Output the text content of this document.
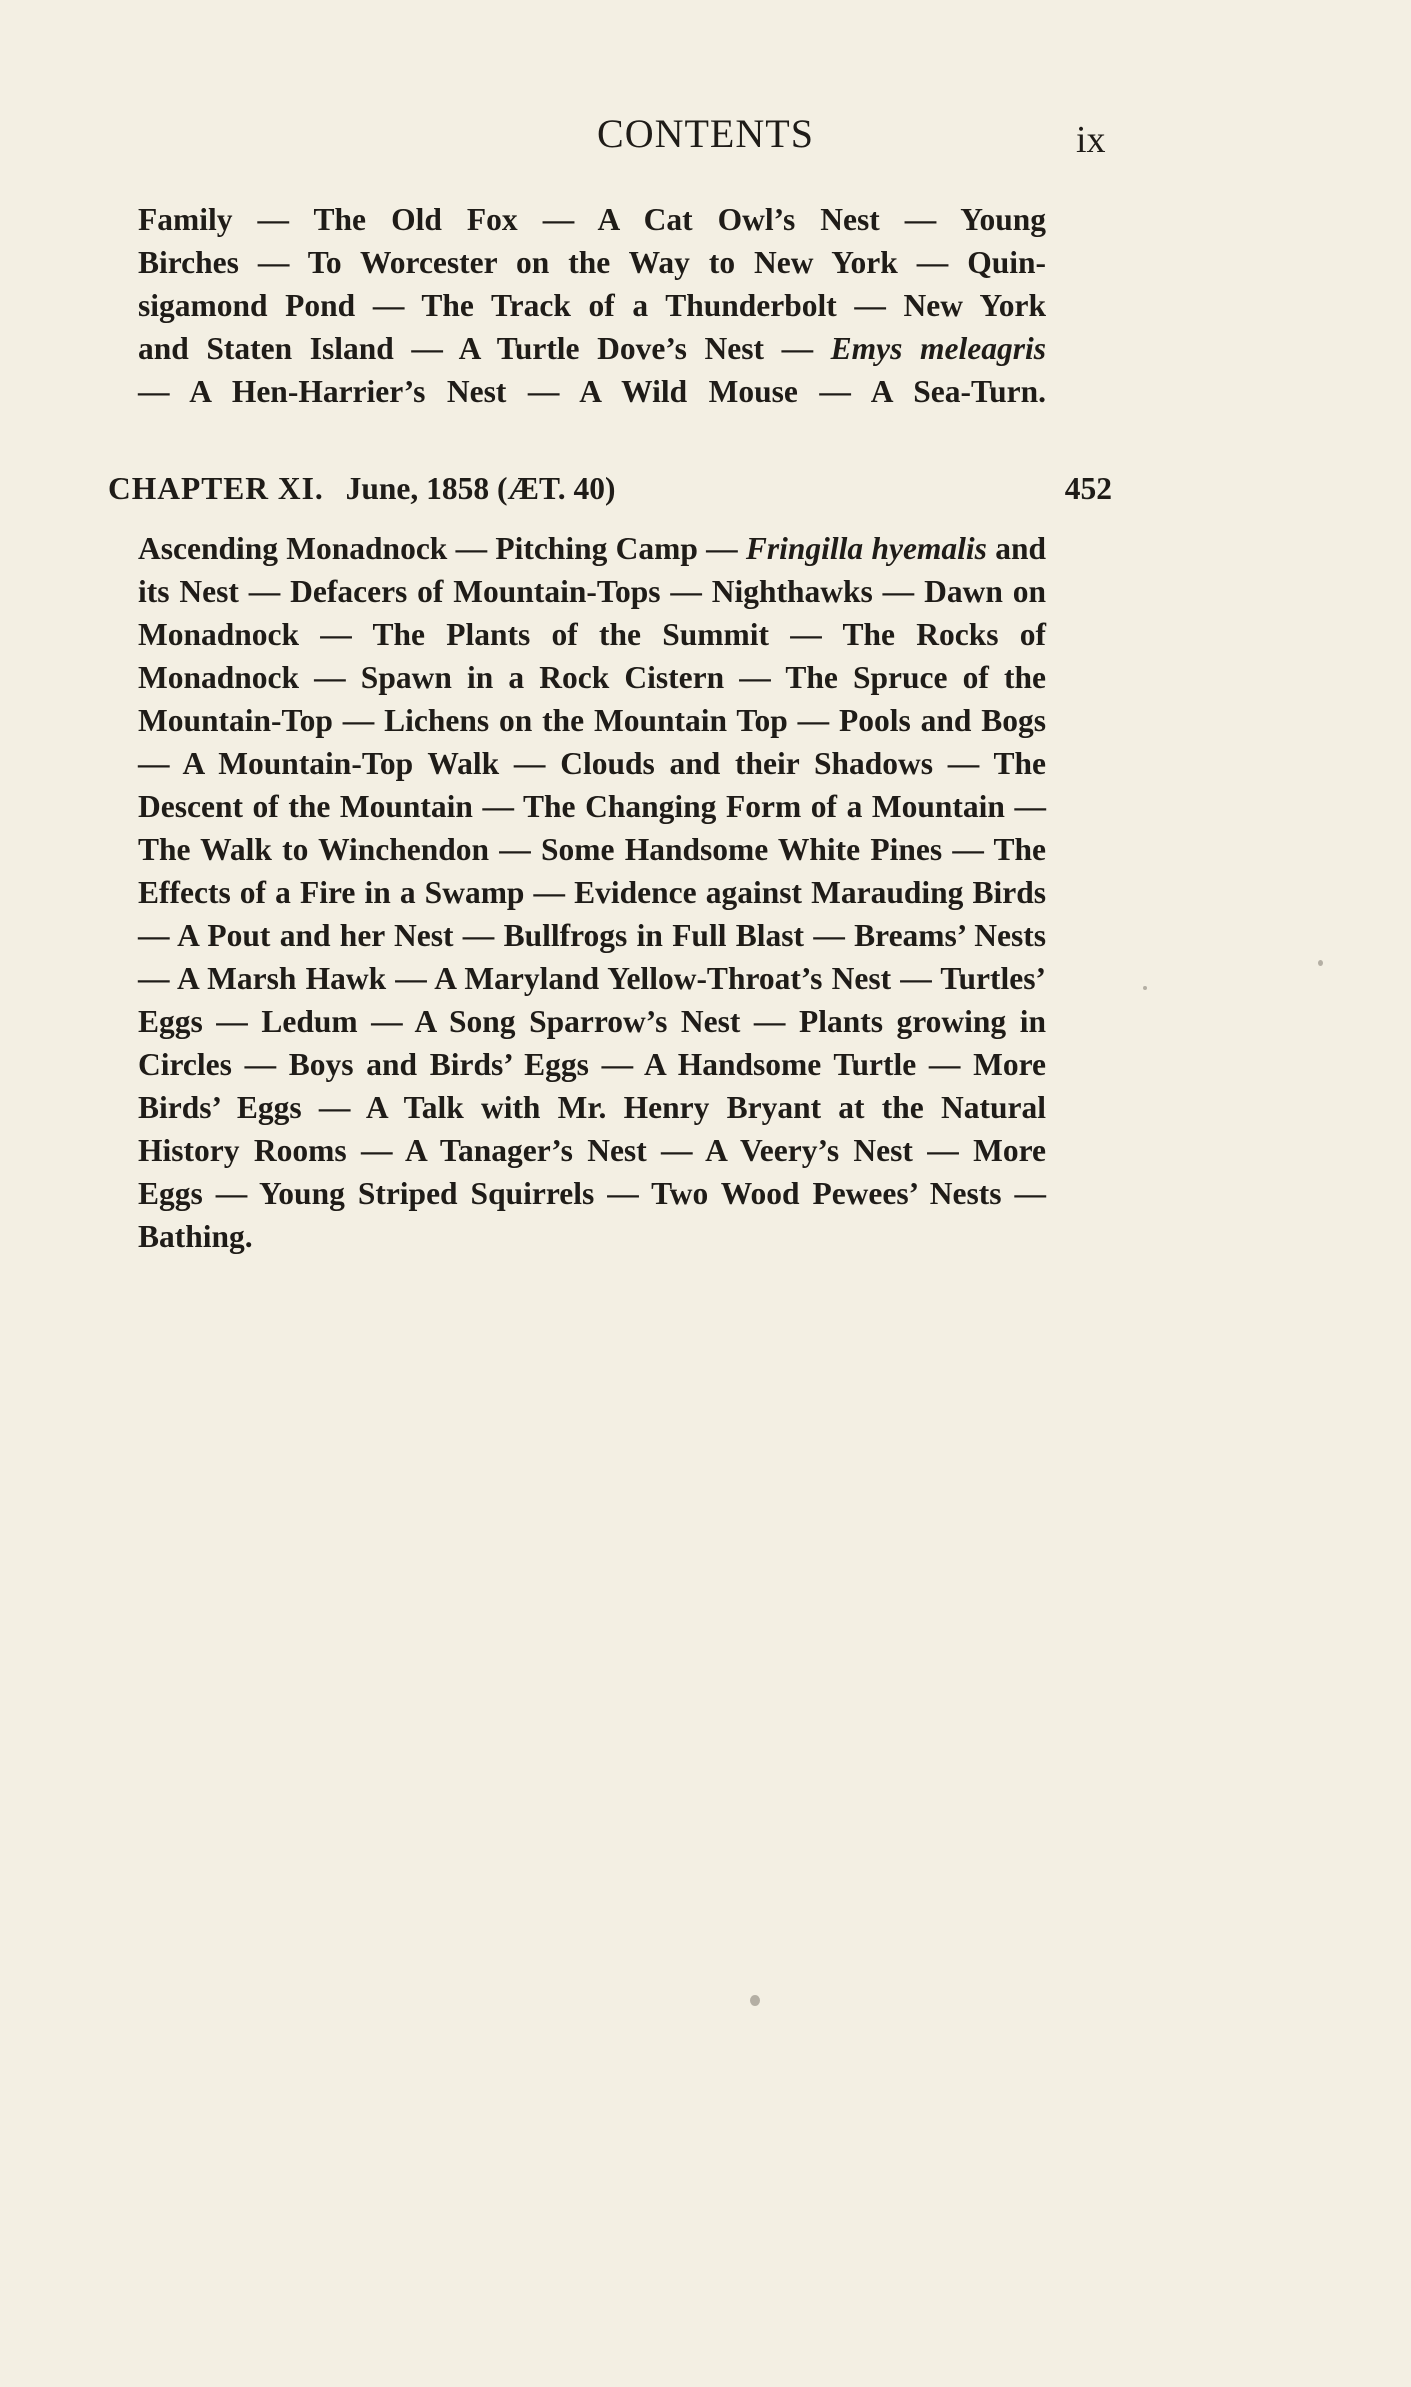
CONTENTS	ix

Family — The Old Fox — A Cat Owl’s Nest — Young

Birches — To Worcester on the Way to New York — Quin-

sigamond Pond — The Track of a Thunderbolt — New York

and Staten Island — A Turtle Dove’s Nest — Emys meleagris

— A Hen-Harrier’s Nest — A Wild Mouse — A Sea-Turn.

CHAPTER XI. June, 1858 (ÆT. 40)	452
Ascending Monadnock — Pitching Camp — Fringilla hyemalis and its Nest — Defacers of Mountain-Tops — Nighthawks — Dawn on Monadnock — The Plants of the Summit — The Rocks of Monadnock — Spawn in a Rock Cistern — The Spruce of the Mountain-Top — Lichens on the Mountain Top — Pools and Bogs — A Mountain-Top Walk — Clouds and their Shadows — The Descent of the Mountain — The Changing Form of a Mountain — The Walk to Winchendon — Some Handsome White Pines — The Effects of a Fire in a Swamp — Evidence against Marauding Birds — A Pout and her Nest — Bullfrogs in Full Blast — Breams’ Nests — A Marsh Hawk — A Maryland Yellow-Throat’s Nest — Turtles’ Eggs — Ledum — A Song Sparrow’s Nest — Plants growing in Circles — Boys and Birds’ Eggs — A Handsome Turtle — More Birds’ Eggs — A Talk with Mr. Henry Bryant at the Natural History Rooms — A Tanager’s Nest — A Veery’s Nest — More Eggs — Young Striped Squirrels — Two Wood Pewees’ Nests — Bathing.
